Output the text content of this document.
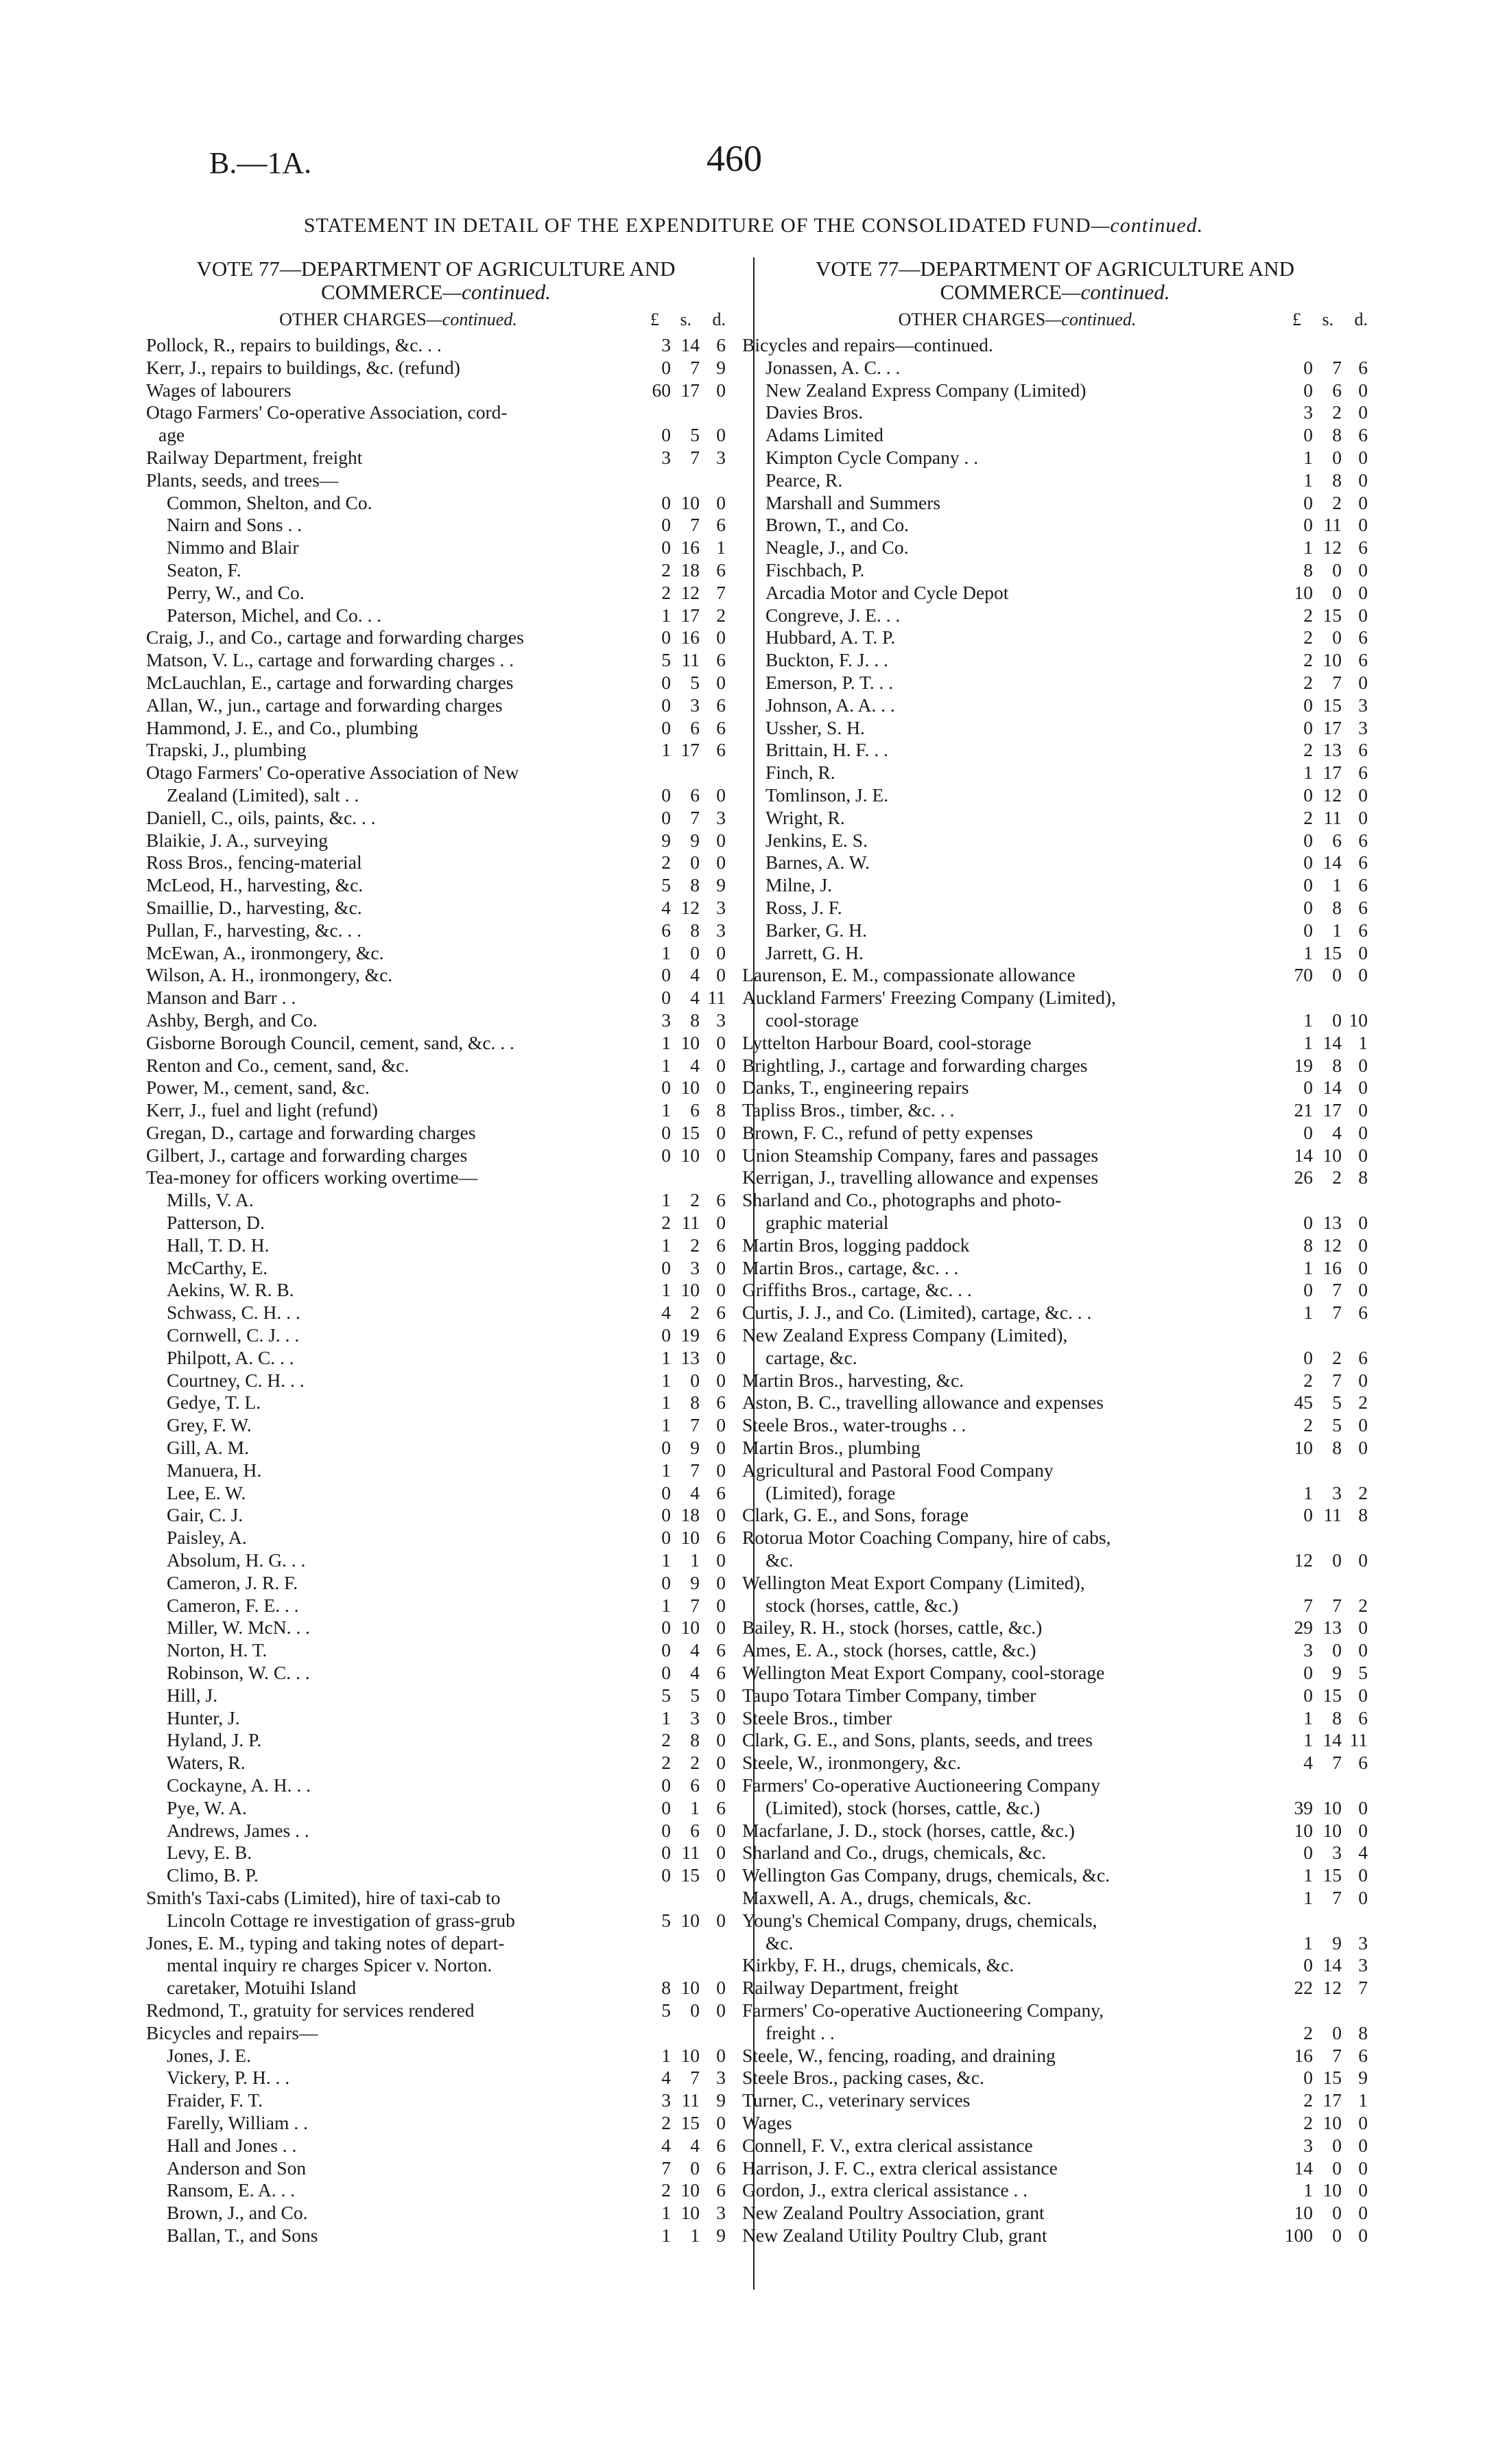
B.—1A.	460
STATEMENT IN DETAIL OF THE EXPENDITURE OF THE CONSOLIDATED FUND—continued.
VOTE 77—DEPARTMENT OF AGRICULTURE AND
COMMERCE—continued.
OTHER CHARGES—continued.	£ s. d.
Pollock, R., repairs to buildings, &c. . .	3 14 6
Kerr, J., repairs to buildings, &c. (refund)	0	7 9
Wages of labourers	60 17 0
Otago Farmers' Co-operative Association, cord-
age	0	5 0
Railway Department, freight	3	7 3
Plants, seeds, and trees—
Common, Shelton, and Co.	0 10 0
Nairn and Sons . .	0	7 6
Nimmo and Blair	0 16 1
Seaton, F.	2 18 6
Perry, W., and Co.	2 12 7
Paterson, Michel, and Co. . .	1 17 2
Craig, J., and Co., cartage and forwarding charges	0 16 0
Matson, V. L., cartage and forwarding charges . .	5 11 6
McLauchlan, E., cartage and forwarding charges	0	5 0
Allan, W., jun., cartage and forwarding charges	0	3 6
Hammond, J. E., and Co., plumbing	0	6 6
Trapski, J., plumbing	1 17 6
Otago Farmers' Co-operative Association of New
Zealand (Limited), salt . .	0	6 0
Daniell, C., oils, paints, &c. . .	0	7 3
Blaikie, J. A., surveying	9	9 0
Ross Bros., fencing-material	2	0 0
McLeod, H., harvesting, &c.	5	8 9
Smaillie, D., harvesting, &c.	4 12 3
Pullan, F., harvesting, &c. . .	6	8 3
McEwan, A., ironmongery, &c.	1	0 0
Wilson, A. H., ironmongery, &c.	0	4 0
Manson and Barr . .	0	4 11
Ashby, Bergh, and Co.	3	8 3
Gisborne Borough Council, cement, sand, &c. . .	1 10 0
Renton and Co., cement, sand, &c.	1	4 0
Power, M., cement, sand, &c.	0 10 0
Kerr, J., fuel and light (refund)	1	6 8
Gregan, D., cartage and forwarding charges	0 15 0
Gilbert, J., cartage and forwarding charges	0 10 0
Tea-money for officers working overtime—
Mills, V. A.	1	2 6
Patterson, D.	2 11 0
Hall, T. D. H.	1	2 6
McCarthy, E.	0	3 0
Aekins, W. R. B.	1 10 0
Schwass, C. H. . .	4	2 6
Cornwell, C. J. . .	0 19 6
Philpott, A. C. . .	1 13 0
Courtney, C. H. . .	1	0 0
Gedye, T. L.	1	8 6
Grey, F. W.	1	7 0
Gill, A. M.	0	9 0
Manuera, H.	1	7 0
Lee, E. W.	0	4 6
Gair, C. J.	0 18 0
Paisley, A.	0 10 6
Absolum, H. G. . .	1	1 0
Cameron, J. R. F.	0	9 0
Cameron, F. E. . .	1	7 0
Miller, W. McN. . .	0 10 0
Norton, H. T.	0	4 6
Robinson, W. C. . .	0	4 6
Hill, J.	5	5 0
Hunter, J.	1	3 0
Hyland, J. P.	2	8 0
Waters, R.	2	2 0
Cockayne, A. H. . .	0	6 0
Pye, W. A.	0	1 6
Andrews, James . .	0	6 0
Levy, E. B.	0 11 0
Climo, B. P.	0 15 0
Smith's Taxi-cabs (Limited), hire of taxi-cab to
Lincoln Cottage re investigation of grass-grub	5 10 0
Jones, E. M., typing and taking notes of depart-
mental inquiry re charges Spicer v. Norton.
caretaker, Motuihi Island	8 10 0
Redmond, T., gratuity for services rendered	5	0 0
Bicycles and repairs—
Jones, J. E.	1 10 0
Vickery, P. H. . .	4	7 3
Fraider, F. T.	3 11 9
Farelly, William . .	2 15 0
Hall and Jones . .	4	4 6
Anderson and Son	7	0 6
Ransom, E. A. . .	2 10 6
Brown, J., and Co.	1 10 3
Ballan, T., and Sons	1	1 9
VOTE 77—DEPARTMENT OF AGRICULTURE AND
COMMERCE—continued.
OTHER CHARGES—continued.	£ s. d.
Bicycles and repairs—continued.
Jonassen, A. C. . .	0	7 6
New Zealand Express Company (Limited)	0	6 0
Davies Bros.	3	2 0
Adams Limited	0	8 6
Kimpton Cycle Company . .	1	0 0
Pearce, R.	1	8 0
Marshall and Summers	0	2 0
Brown, T., and Co.	0 11 0
Neagle, J., and Co.	1 12 6
Fischbach, P.	8	0 0
Arcadia Motor and Cycle Depot	10	0 0
Congreve, J. E. . .	2 15 0
Hubbard, A. T. P.	2	0 6
Buckton, F. J. . .	2 10 6
Emerson, P. T. . .	2	7 0
Johnson, A. A. . .	0 15 3
Ussher, S. H.	0 17 3
Brittain, H. F. . .	2 13 6
Finch, R.	1 17 6
Tomlinson, J. E.	0 12 0
Wright, R.	2 11 0
Jenkins, E. S.	0	6 6
Barnes, A. W.	0 14 6
Milne, J.	0	1 6
Ross, J. F.	0	8 6
Barker, G. H.	0	1 6
Jarrett, G. H.	1 15 0
Laurenson, E. M., compassionate allowance	70	0 0
Auckland Farmers' Freezing Company (Limited),
cool-storage	1	0 10
Lyttelton Harbour Board, cool-storage	1 14 1
Brightling, J., cartage and forwarding charges	19	8 0
Danks, T., engineering repairs	0 14 0
Tapliss Bros., timber, &c. . .	21 17 0
Brown, F. C., refund of petty expenses	0	4 0
Union Steamship Company, fares and passages	14 10 0
Kerrigan, J., travelling allowance and expenses	26	2 8
Sharland and Co., photographs and photo-
graphic material	0 13 0
Martin Bros, logging paddock	8 12 0
Martin Bros., cartage, &c. . .	1 16 0
Griffiths Bros., cartage, &c. . .	0	7 0
Curtis, J. J., and Co. (Limited), cartage, &c. . .	1	7 6
New Zealand Express Company (Limited),
cartage, &c.	0	2 6
Martin Bros., harvesting, &c.	2	7 0
Aston, B. C., travelling allowance and expenses	45	5 2
Steele Bros., water-troughs . .	2	5 0
Martin Bros., plumbing	10	8 0
Agricultural and Pastoral Food Company
(Limited), forage	1	3 2
Clark, G. E., and Sons, forage	0 11 8
Rotorua Motor Coaching Company, hire of cabs,
&c.	12	0 0
Wellington Meat Export Company (Limited),
stock (horses, cattle, &c.)	7	7 2
Bailey, R. H., stock (horses, cattle, &c.)	29 13 0
Ames, E. A., stock (horses, cattle, &c.)	3	0 0
Wellington Meat Export Company, cool-storage	0	9 5
Taupo Totara Timber Company, timber	0 15 0
Steele Bros., timber	1	8 6
Clark, G. E., and Sons, plants, seeds, and trees	1 14 11
Steele, W., ironmongery, &c.	4	7 6
Farmers' Co-operative Auctioneering Company
(Limited), stock (horses, cattle, &c.)	39 10 0
Macfarlane, J. D., stock (horses, cattle, &c.)	10 10 0
Sharland and Co., drugs, chemicals, &c.	0	3 4
Wellington Gas Company, drugs, chemicals, &c.	1 15 0
Maxwell, A. A., drugs, chemicals, &c.	1	7 0
Young's Chemical Company, drugs, chemicals,
&c.	1	9 3
Kirkby, F. H., drugs, chemicals, &c.	0 14 3
Railway Department, freight	22 12 7
Farmers' Co-operative Auctioneering Company,
freight . .	2	0 8
Steele, W., fencing, roading, and draining	16	7 6
Steele Bros., packing cases, &c.	0 15 9
Turner, C., veterinary services	2 17 1
Wages	2 10 0
Connell, F. V., extra clerical assistance	3	0 0
Harrison, J. F. C., extra clerical assistance	14	0 0
Gordon, J., extra clerical assistance . .	1 10 0
New Zealand Poultry Association, grant	10	0 0
New Zealand Utility Poultry Club, grant	100	0 0
